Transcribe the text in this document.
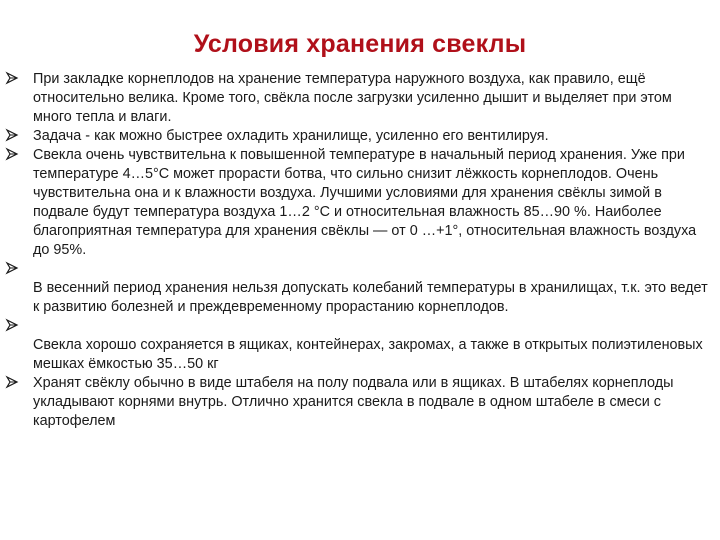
Условия хранения свеклы
При закладке корнеплодов на хранение температура наружного воздуха, как правило, ещё относительно велика. Кроме того, свёкла после загрузки усиленно дышит и выделяет при этом много тепла и влаги.
Задача - как можно быстрее охладить хранилище, усиленно его вентилируя.
Свекла очень чувствительна к повышенной температуре в начальный период хранения. Уже при температуре 4…5°С может прорасти ботва, что сильно снизит лёжкость корнеплодов. Очень чувствительна она и к влажности воздуха. Лучшими условиями для хранения свёклы зимой в подвале будут температура воздуха 1…2 °С и относительная влажность 85…90 %. Наиболее благоприятная температура для хранения свёклы — от 0 …+1°, относительная влажность воздуха до 95%.
В весенний период хранения нельзя допускать колебаний температуры в хранилищах, т.к. это ведет к развитию болезней и преждевременному прорастанию корнеплодов.
Свекла хорошо сохраняется в ящиках, контейнерах, закромах, а также в открытых полиэтиленовых мешках ёмкостью 35…50 кг
Хранят свёклу обычно в виде штабеля на полу подвала или в ящиках. В штабелях корнеплоды укладывают корнями внутрь. Отлично хранится свекла в подвале в одном штабеле в смеси с картофелем
